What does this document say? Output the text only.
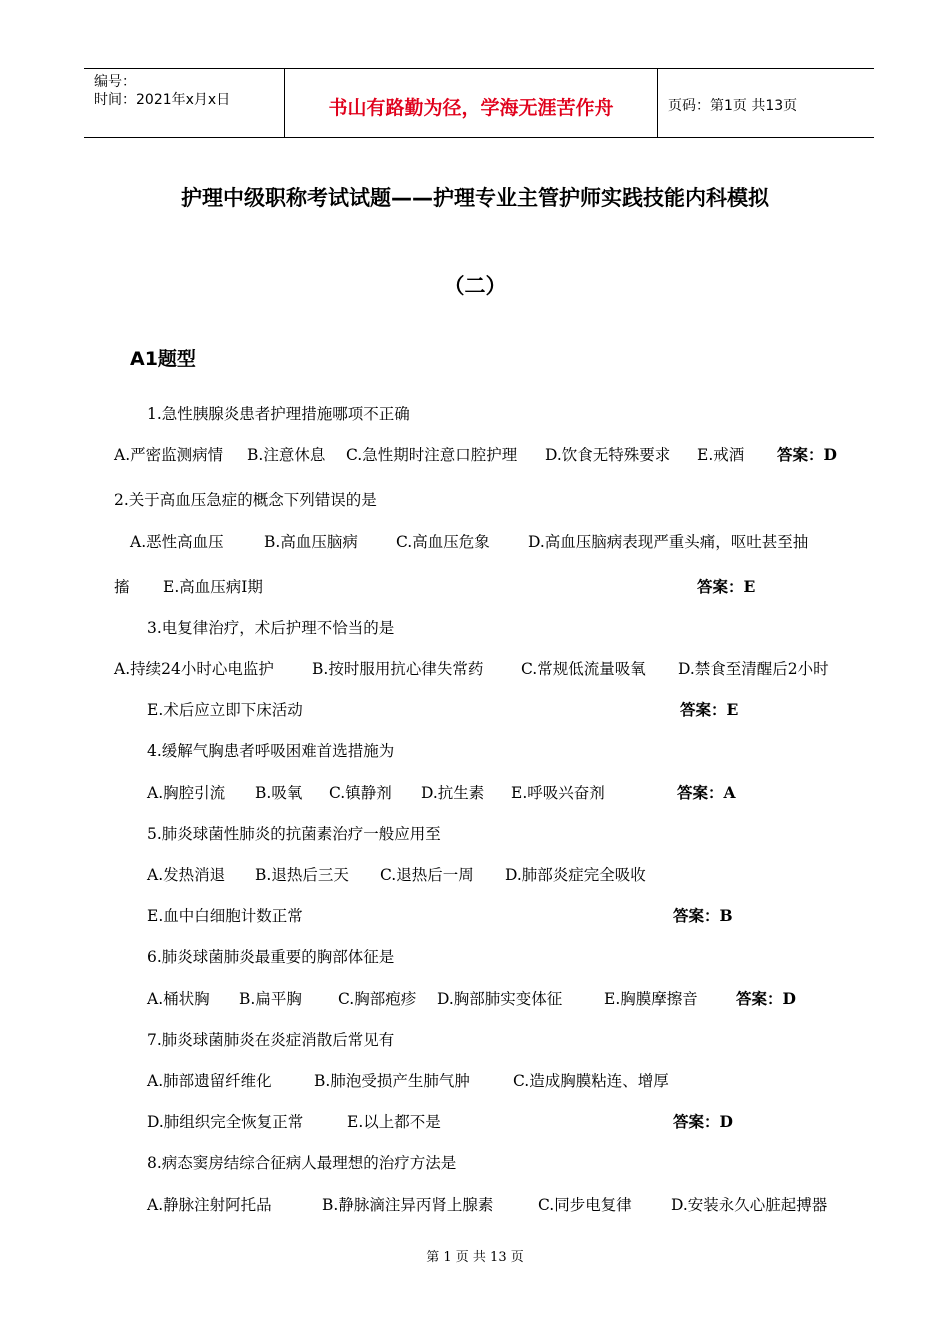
编号：
时间：2021年x月x日	书山有路勤为径，学海无涯苦作舟	页码：第1页 共13页
护理中级职称考试试题——护理专业主管护师实践技能内科模拟
（二）
A1题型
1.急性胰腺炎患者护理措施哪项不正确
A.严密监测病情 B.注意休息 C.急性期时注意口腔护理 D.饮食无特殊要求 E.戒酒 答案：D
2.关于高血压急症的概念下列错误的是
A.恶性高血压	B.高血压脑病 C.高血压危象 D.高血压脑病表现严重头痛，呕吐甚至抽
搐 E.高血压病Ⅰ期	答案：E
3.电复律治疗，术后护理不恰当的是
A.持续24小时心电监护 B.按时服用抗心律失常药 C.常规低流量吸氧 D.禁食至清醒后2小时
E.术后应立即下床活动	答案：E
4.缓解气胸患者呼吸困难首选措施为
A.胸腔引流 B.吸氧 C.镇静剂 D.抗生素 E.呼吸兴奋剂	答案：A
5.肺炎球菌性肺炎的抗菌素治疗一般应用至
A.发热消退 B.退热后三天 C.退热后一周 D.肺部炎症完全吸收
E.血中白细胞计数正常	答案：B
6.肺炎球菌肺炎最重要的胸部体征是
A.桶状胸 B.扁平胸 C.胸部疱疹 D.胸部肺实变体征	E.胸膜摩擦音 答案：D
7.肺炎球菌肺炎在炎症消散后常见有
A.肺部遗留纤维化	B.肺泡受损产生肺气肿	C.造成胸膜粘连、增厚
D.肺组织完全恢复正常	E.以上都不是	答案：D
8.病态窦房结综合征病人最理想的治疗方法是
A.静脉注射阿托品	B.静脉滴注异丙肾上腺素	C.同步电复律	D.安装永久心脏起搏器
第 1 页 共 13 页
